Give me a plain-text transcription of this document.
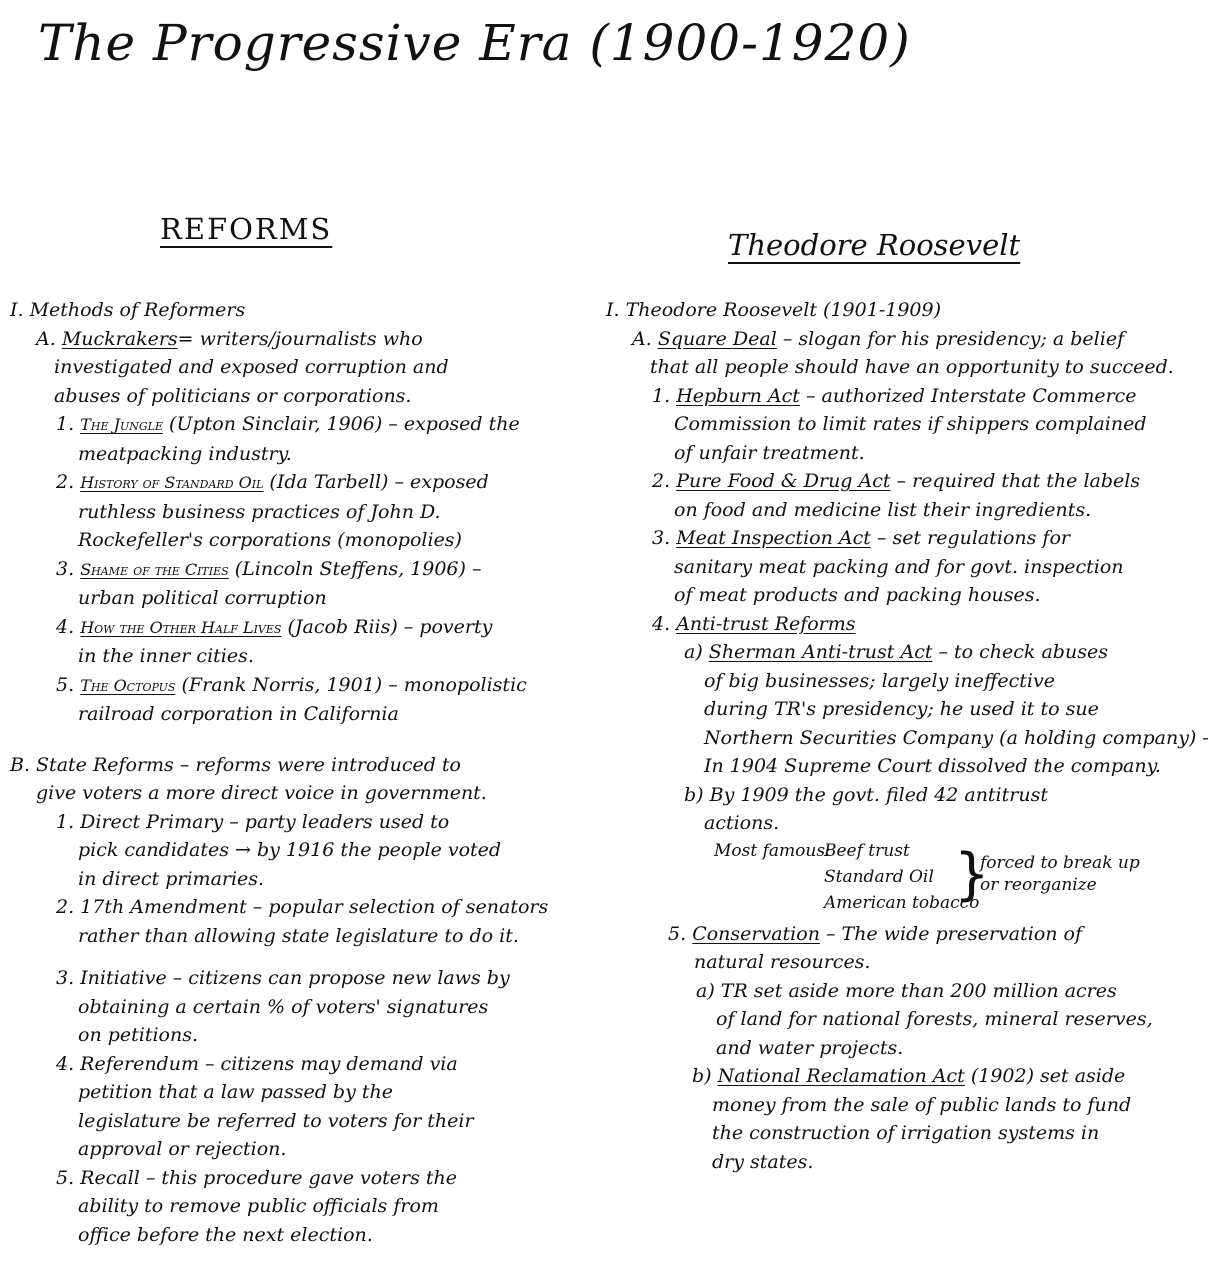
The Progressive Era (1900-1920)
REFORMS	Theodore Roosevelt
I. Methods of Reformers
A. Muckrakers= writers/journalists who
investigated and exposed corruption and
abuses of politicians or corporations.
1. The Jungle (Upton Sinclair, 1906) – exposed the
meatpacking industry.
2. History of Standard Oil (Ida Tarbell) – exposed
ruthless business practices of John D.
Rockefeller's corporations (monopolies)
3. Shame of the Cities (Lincoln Steffens, 1906) –
urban political corruption
4. How the Other Half Lives (Jacob Riis) – poverty
in the inner cities.
5. The Octopus (Frank Norris, 1901) – monopolistic
railroad corporation in California
B. State Reforms – reforms were introduced to
give voters a more direct voice in government.
1. Direct Primary – party leaders used to
pick candidates → by 1916 the people voted
in direct primaries.
2. 17th Amendment – popular selection of senators
rather than allowing state legislature to do it.
3. Initiative – citizens can propose new laws by
obtaining a certain % of voters' signatures
on petitions.
4. Referendum – citizens may demand via
petition that a law passed by the
legislature be referred to voters for their
approval or rejection.
5. Recall – this procedure gave voters the
ability to remove public officials from
office before the next election.
I. Theodore Roosevelt (1901-1909)
A. Square Deal – slogan for his presidency; a belief
that all people should have an opportunity to succeed.
1. Hepburn Act – authorized Interstate Commerce
Commission to limit rates if shippers complained
of unfair treatment.
2. Pure Food & Drug Act – required that the labels
on food and medicine list their ingredients.
3. Meat Inspection Act – set regulations for
sanitary meat packing and for govt. inspection
of meat products and packing houses.
4. Anti-trust Reforms
a) Sherman Anti-trust Act – to check abuses
of big businesses; largely ineffective
during TR's presidency; he used it to sue
Northern Securities Company (a holding company) -
In 1904 Supreme Court dissolved the company.
b) By 1909 the govt. filed 42 antitrust
actions.
Most famous:
Beef trust
Standard Oil
American tobacco
}
forced to break up
or reorganize
5. Conservation – The wide preservation of
natural resources.
a) TR set aside more than 200 million acres
of land for national forests, mineral reserves,
and water projects.
b) National Reclamation Act (1902) set aside
money from the sale of public lands to fund
the construction of irrigation systems in
dry states.
